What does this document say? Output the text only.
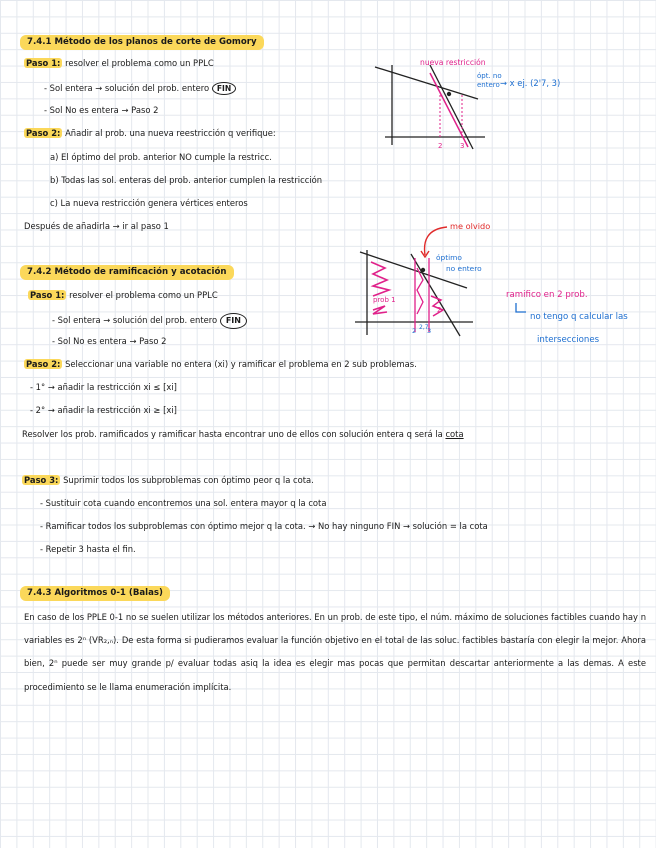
7.4.1 Método de los planos de corte de Gomory
Paso 1: resolver el problema como un PPLC
- Sol entera → solución del prob. entero FIN
- Sol No es entera → Paso 2
Paso 2: Añadir al prob. una nueva reestricción q verifique:
a) El óptimo del prob. anterior NO cumple la restricc.
b) Todas las sol. enteras del prob. anterior cumplen la restricción
c) La nueva restricción genera vértices enteros
Después de añadirla → ir al paso 1
2	3
nueva restricción
ópt. no
entero → x ej. (2'7, 3)
7.4.2 Método de ramificación y acotación
Paso 1: resolver el problema como un PPLC
- Sol entera → solución del prob. entero FIN
- Sol No es entera → Paso 2
Paso 2: Seleccionar una variable no entera (xi) y ramificar el problema en 2 sub problemas.
- 1° → añadir la restricción xi ≤ [xi]
- 2° → añadir la restricción xi ≥ [xi]
Resolver los prob. ramificados y ramificar hasta encontrar uno de ellos con solución entera q será la cota
Paso 3: Suprimir todos los subproblemas con óptimo peor q la cota.
- Sustituir cota cuando encontremos una sol. entera mayor q la cota
- Ramificar todos los subproblemas con óptimo mejor q la cota. → No hay ninguno FIN → solución = la cota
- Repetir 3 hasta el fin.
prob 1
2
2 2,7
3
me olvido
óptimo
no entero
ramifico en 2 prob.
no tengo q calcular las
intersecciones
7.4.3 Algoritmos 0-1 (Balas)
En caso de los PPLE 0-1 no se suelen utilizar los métodos anteriores. En un prob. de este tipo, el núm. máximo de soluciones factibles cuando hay n variables es 2ⁿ (VR₂,ₙ). De esta forma si pudieramos evaluar la función objetivo en el total de las soluc. factibles bastaría con elegir la mejor. Ahora bien, 2ⁿ puede ser muy grande p/ evaluar todas asiq la idea es elegir mas pocas que permitan descartar anteriormente a las demas. A este procedimiento se le llama enumeración implícita.
